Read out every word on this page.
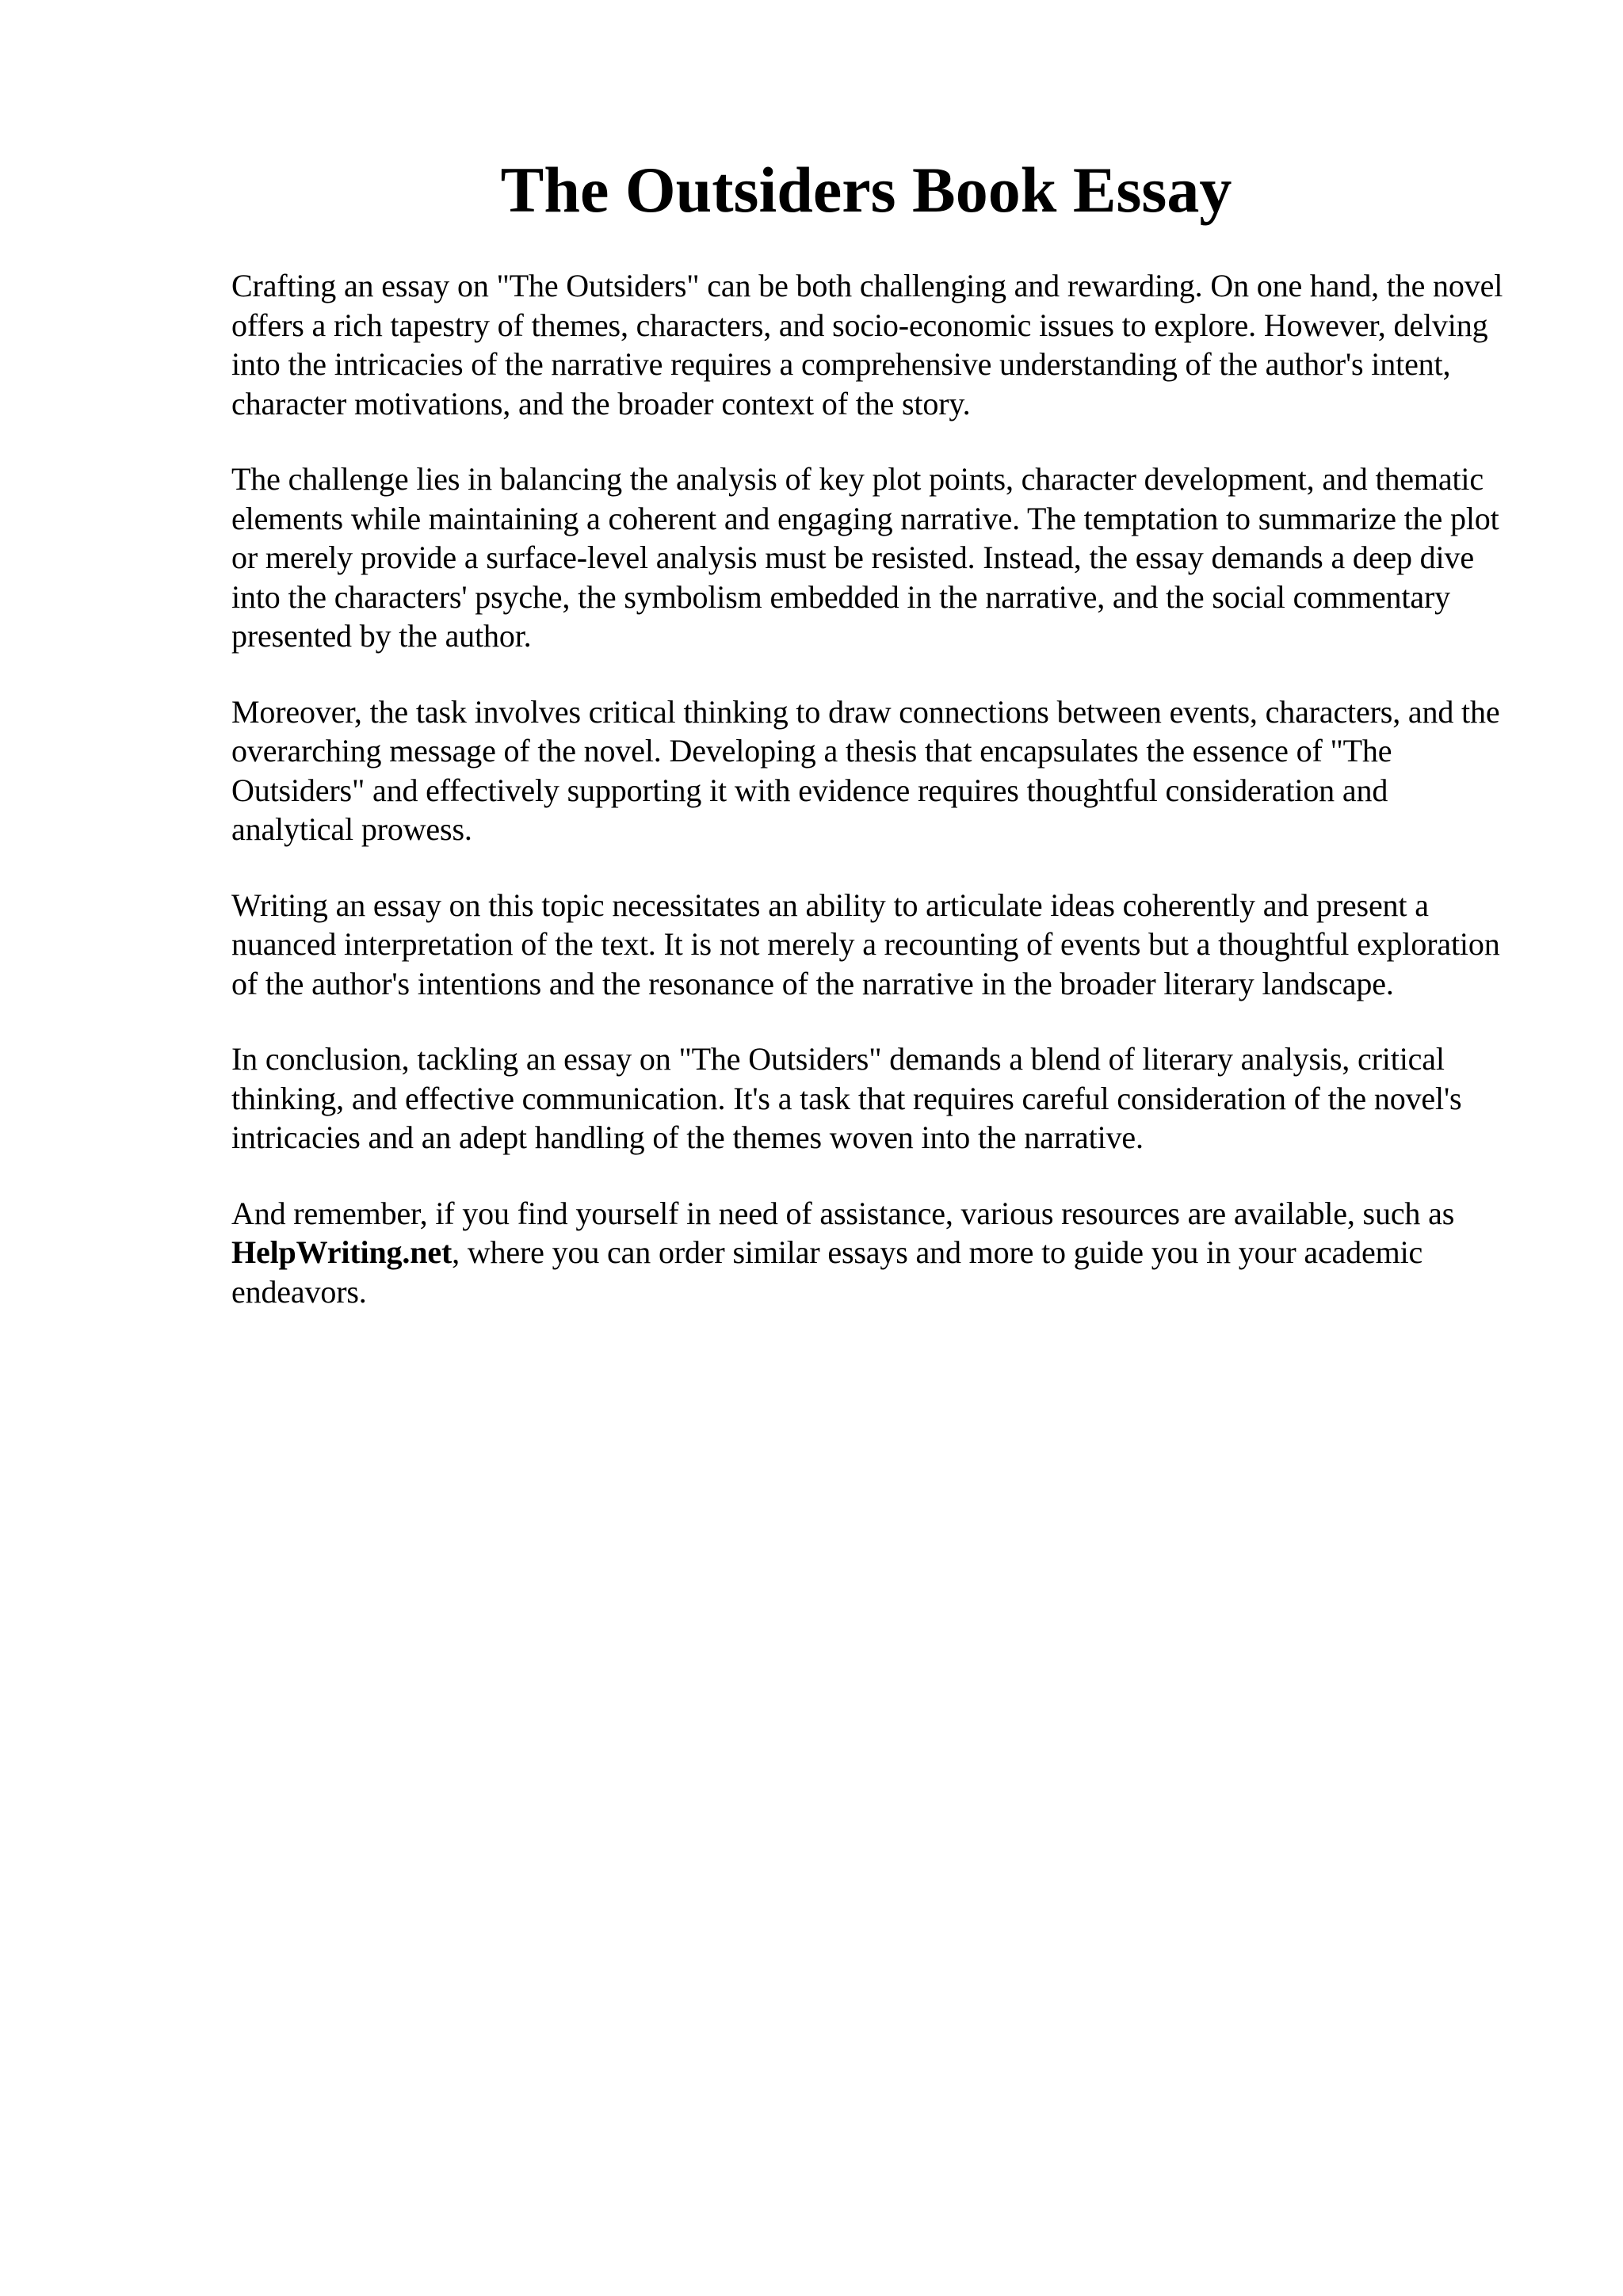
The Outsiders Book Essay

Crafting an essay on "The Outsiders" can be both challenging and rewarding. On one hand, the novel offers a rich tapestry of themes, characters, and socio-economic issues to explore. However, delving into the intricacies of the narrative requires a comprehensive understanding of the author's intent, character motivations, and the broader context of the story.

The challenge lies in balancing the analysis of key plot points, character development, and thematic elements while maintaining a coherent and engaging narrative. The temptation to summarize the plot or merely provide a surface-level analysis must be resisted. Instead, the essay demands a deep dive into the characters' psyche, the symbolism embedded in the narrative, and the social commentary presented by the author.

Moreover, the task involves critical thinking to draw connections between events, characters, and the overarching message of the novel. Developing a thesis that encapsulates the essence of "The Outsiders" and effectively supporting it with evidence requires thoughtful consideration and analytical prowess.

Writing an essay on this topic necessitates an ability to articulate ideas coherently and present a nuanced interpretation of the text. It is not merely a recounting of events but a thoughtful exploration of the author's intentions and the resonance of the narrative in the broader literary landscape.

In conclusion, tackling an essay on "The Outsiders" demands a blend of literary analysis, critical thinking, and effective communication. It's a task that requires careful consideration of the novel's intricacies and an adept handling of the themes woven into the narrative.

And remember, if you find yourself in need of assistance, various resources are available, such as HelpWriting.net, where you can order similar essays and more to guide you in your academic endeavors.
